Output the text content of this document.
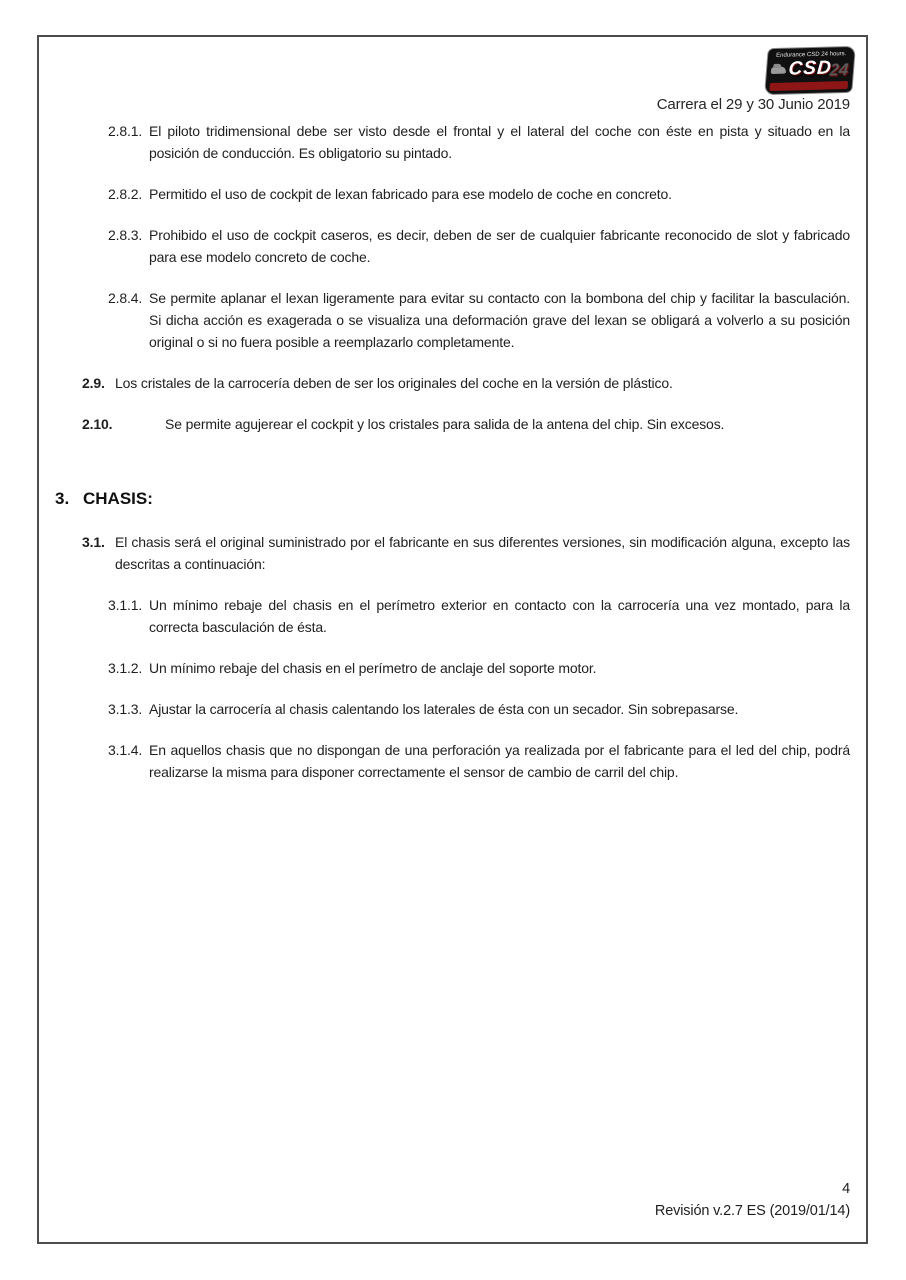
Endurance CSD 24 hours.
24
CSD
Carrera el 29 y 30 Junio 2019
2.8.1. El piloto tridimensional debe ser visto desde el frontal y el lateral del coche con éste en pista y situado en la posición de conducción. Es obligatorio su pintado.
2.8.2. Permitido el uso de cockpit de lexan fabricado para ese modelo de coche en concreto.
2.8.3. Prohibido el uso de cockpit caseros, es decir, deben de ser de cualquier fabricante reconocido de slot y fabricado para ese modelo concreto de coche.
2.8.4. Se permite aplanar el lexan ligeramente para evitar su contacto con la bombona del chip y facilitar la basculación. Si dicha acción es exagerada o se visualiza una deformación grave del lexan se obligará a volverlo a su posición original o si no fuera posible a reemplazarlo completamente.
2.9. Los cristales de la carrocería deben de ser los originales del coche en la versión de plástico.
2.10.	Se permite agujerear el cockpit y los cristales para salida de la antena del chip. Sin excesos.
3. CHASIS:
3.1. El chasis será el original suministrado por el fabricante en sus diferentes versiones, sin modificación alguna, excepto las descritas a continuación:
3.1.1. Un mínimo rebaje del chasis en el perímetro exterior en contacto con la carrocería una vez montado, para la correcta basculación de ésta.
3.1.2. Un mínimo rebaje del chasis en el perímetro de anclaje del soporte motor.
3.1.3. Ajustar la carrocería al chasis calentando los laterales de ésta con un secador. Sin sobrepasarse.
3.1.4. En aquellos chasis que no dispongan de una perforación ya realizada por el fabricante para el led del chip, podrá realizarse la misma para disponer correctamente el sensor de cambio de carril del chip.
4
Revisión v.2.7 ES (2019/01/14)
